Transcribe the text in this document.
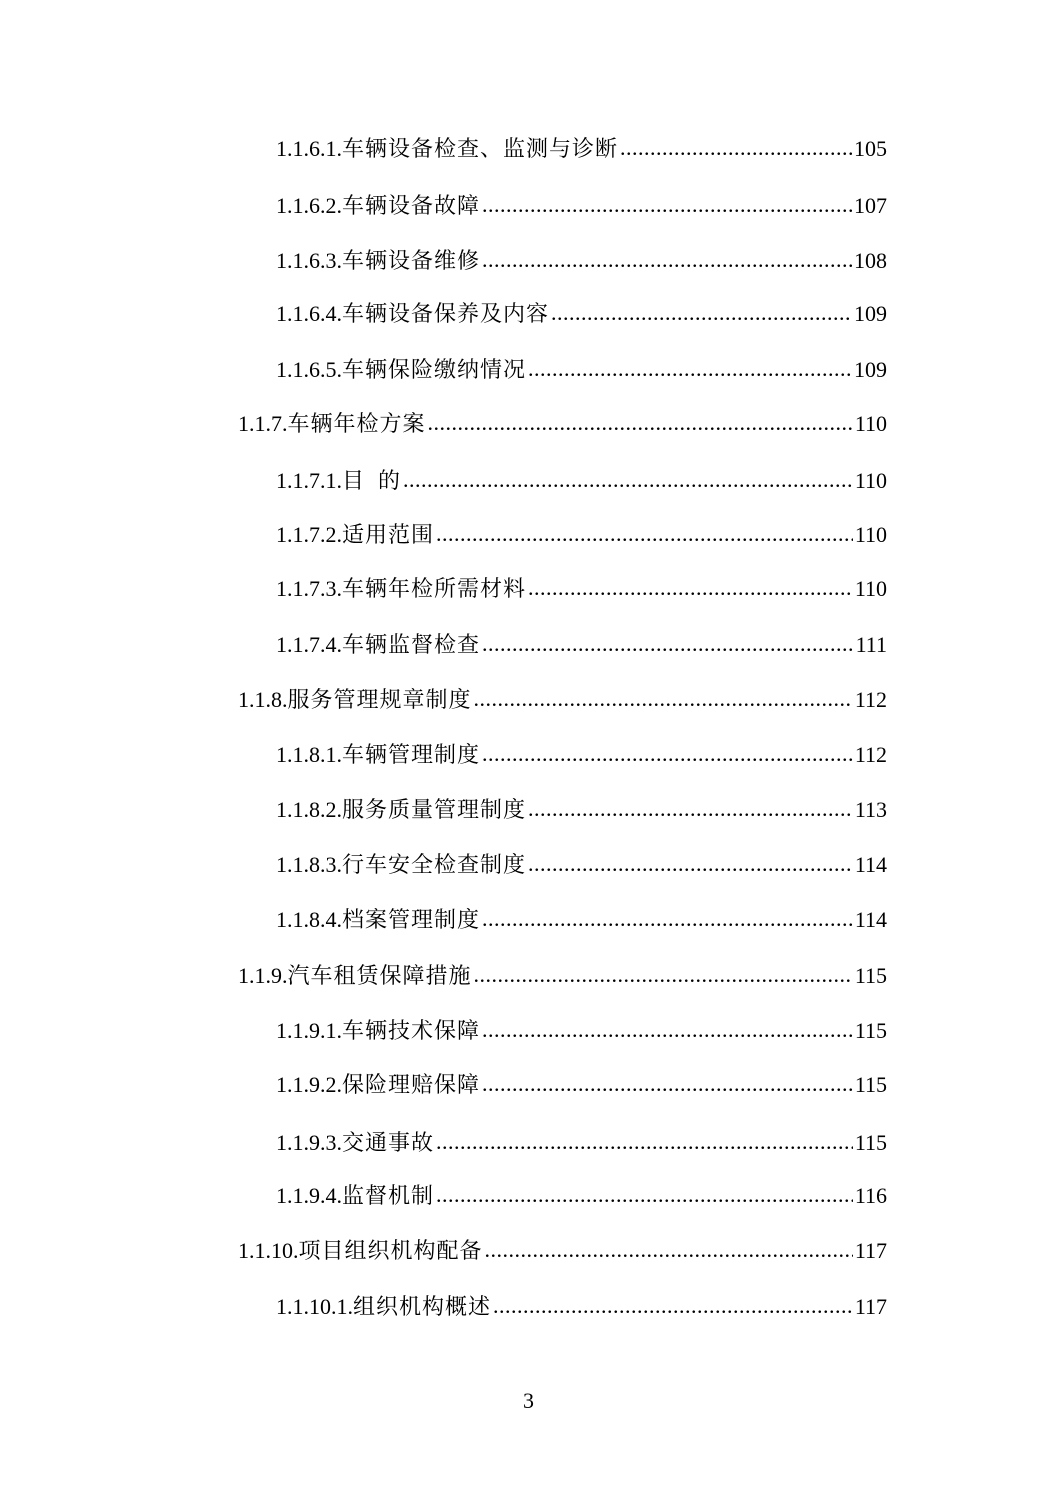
1.1.6.1. 车辆设备检查、监测与诊断 .....	105
1.1.6.2. 车辆设备故障 .....	107
1.1.6.3. 车辆设备维修 .....	108
1.1.6.4. 车辆设备保养及内容 .....	109
1.1.6.5. 车辆保险缴纳情况 .....	109
1.1.7. 车辆年检方案 .....	110
1.1.7.1. 目  的 .....	110
1.1.7.2. 适用范围 .....	110
1.1.7.3. 车辆年检所需材料 .....	110
1.1.7.4. 车辆监督检查 .....	111
1.1.8. 服务管理规章制度 .....	112
1.1.8.1. 车辆管理制度 .....	112
1.1.8.2. 服务质量管理制度 .....	113
1.1.8.3. 行车安全检查制度 .....	114
1.1.8.4. 档案管理制度 .....	114
1.1.9. 汽车租赁保障措施 .....	115
1.1.9.1. 车辆技术保障 .....	115
1.1.9.2. 保险理赔保障 .....	115
1.1.9.3. 交通事故 .....	115
1.1.9.4. 监督机制 .....	116
1.1.10. 项目组织机构配备 .....	117
1.1.10.1. 组织机构概述 .....	117
3
